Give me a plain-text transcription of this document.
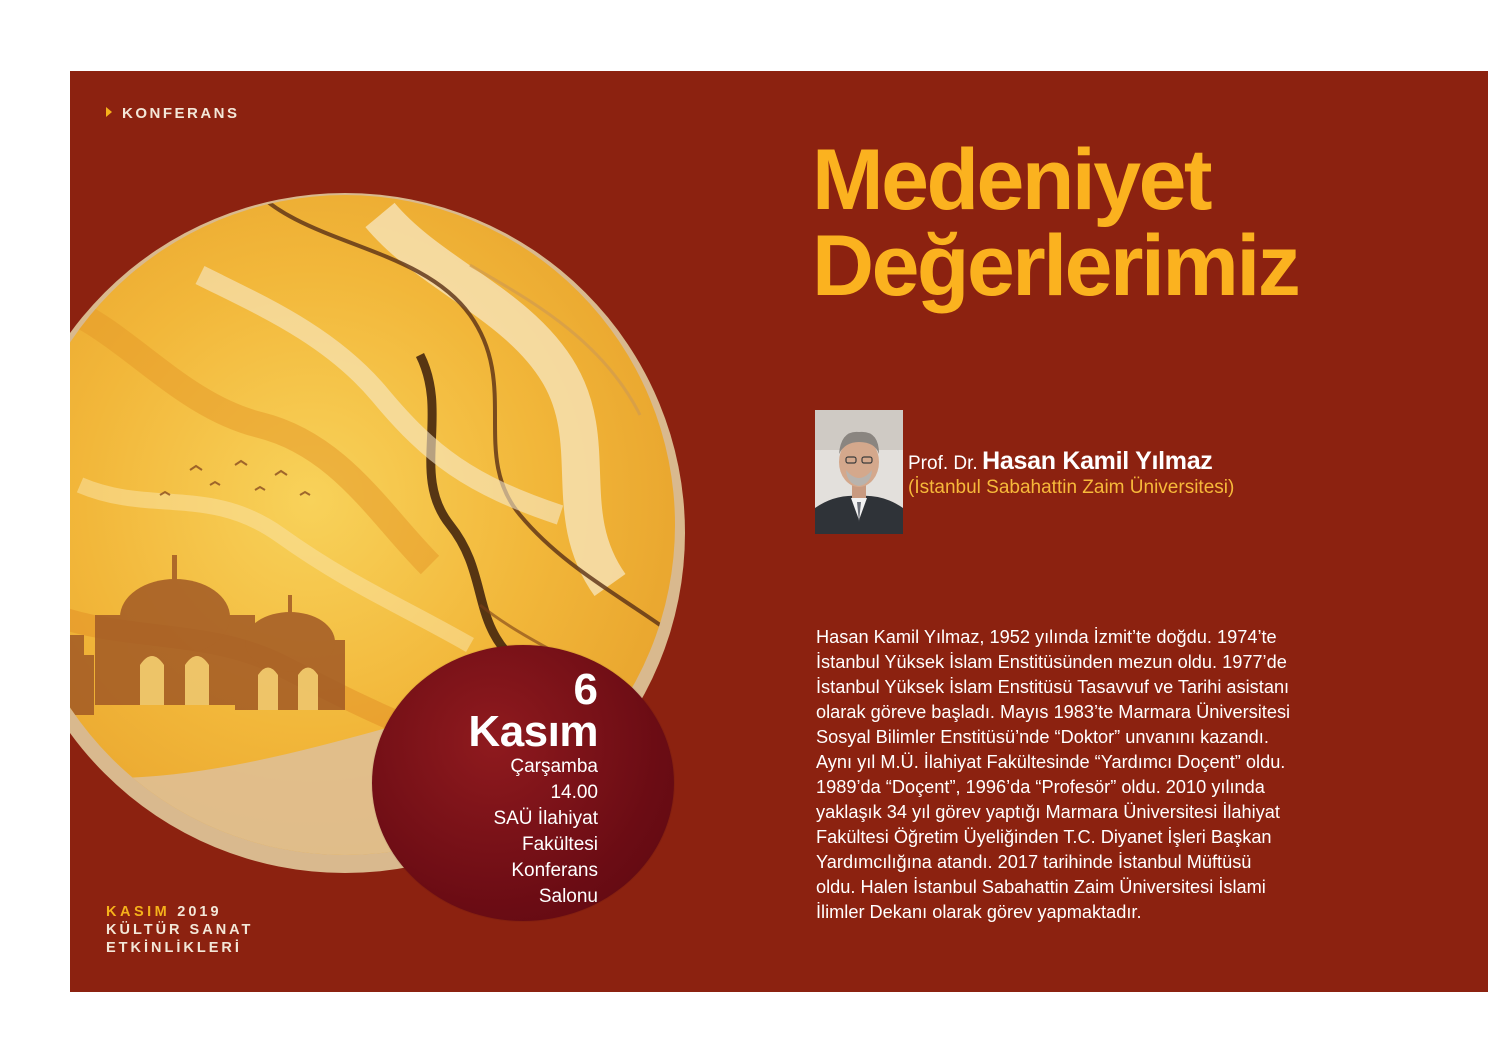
KONFERANS
6
Kasım
Çarşamba
14.00
SAÜ İlahiyat
Fakültesi
Konferans
Salonu
KASIM 2019
KÜLTÜR SANAT
ETKİNLİKLERİ
Medeniyet
Değerlerimiz
Prof. Dr. Hasan Kamil Yılmaz
(İstanbul Sabahattin Zaim Üniversitesi)
Hasan Kamil Yılmaz, 1952 yılında İzmit’te doğdu. 1974’te
İstanbul Yüksek İslam Enstitüsünden mezun oldu. 1977’de
İstanbul Yüksek İslam Enstitüsü Tasavvuf ve Tarihi asistanı
olarak göreve başladı. Mayıs 1983’te Marmara Üniversitesi
Sosyal Bilimler Enstitüsü’nde “Doktor” unvanını kazandı.
Aynı yıl M.Ü. İlahiyat Fakültesinde “Yardımcı Doçent” oldu.
1989’da “Doçent”, 1996’da “Profesör” oldu. 2010 yılında
yaklaşık 34 yıl görev yaptığı Marmara Üniversitesi İlahiyat
Fakültesi Öğretim Üyeliğinden T.C. Diyanet İşleri Başkan
Yardımcılığına atandı. 2017 tarihinde İstanbul Müftüsü
oldu. Halen İstanbul Sabahattin Zaim Üniversitesi İslami
İlimler Dekanı olarak görev yapmaktadır.
